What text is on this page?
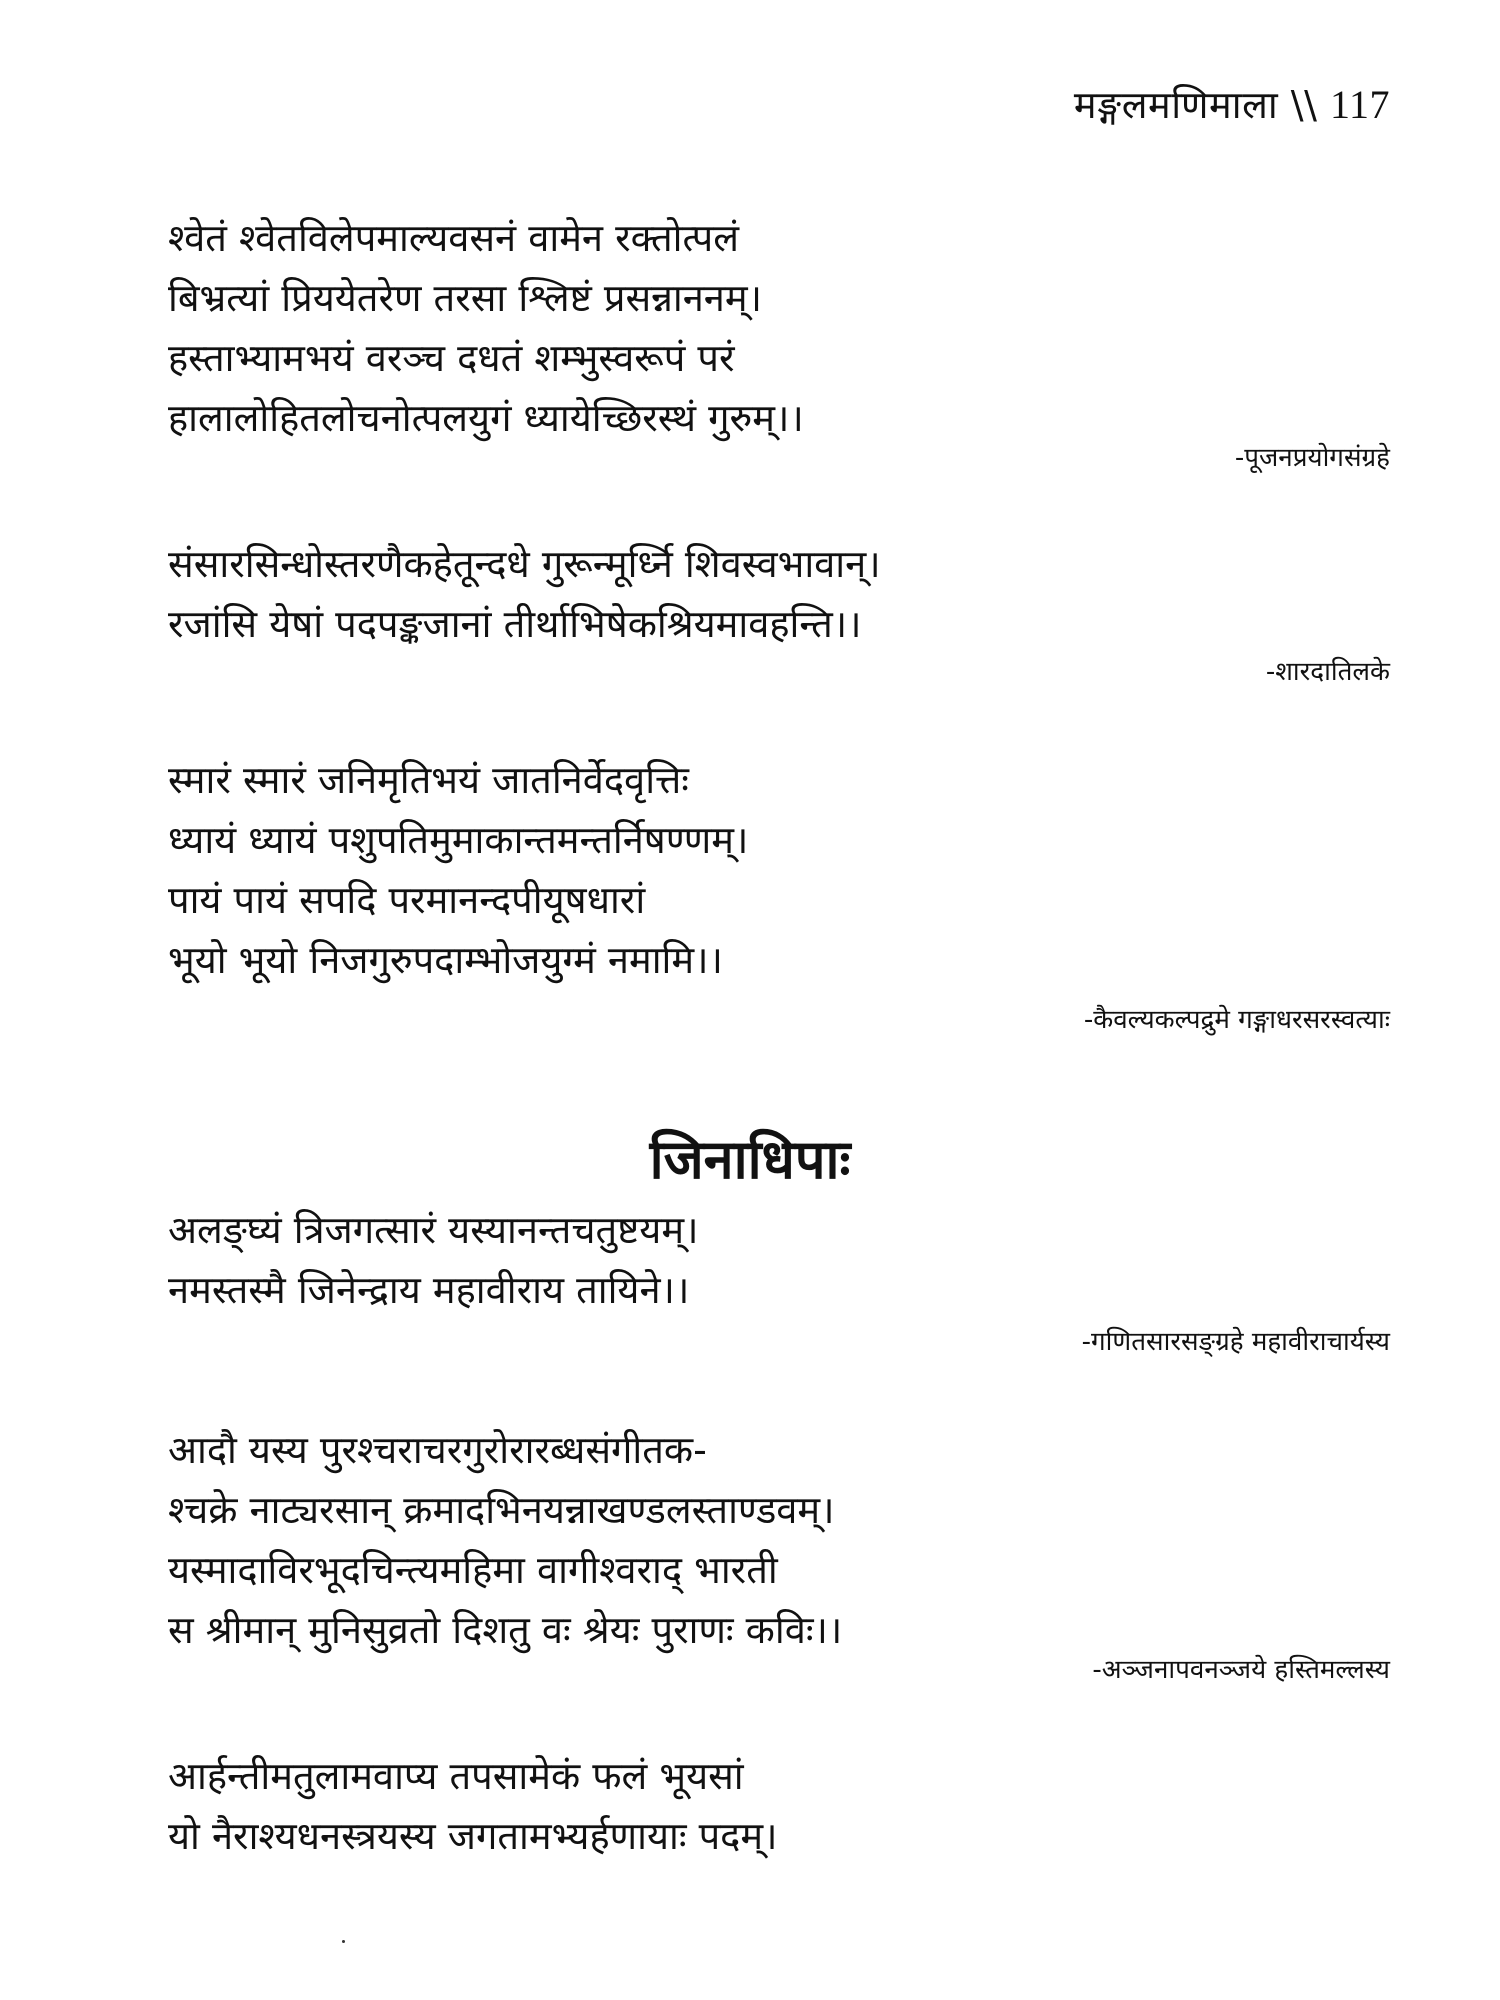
मङ्गलमणिमाला \\ 117
श्वेतं श्वेतविलेपमाल्यवसनं वामेन रक्तोत्पलं
बिभ्रत्यां प्रिययेतरेण तरसा श्लिष्टं प्रसन्नाननम्।
हस्ताभ्यामभयं वरञ्च दधतं शम्भुस्वरूपं परं
हालालोहितलोचनोत्पलयुगं ध्यायेच्छिरस्थं गुरुम्।।
-पूजनप्रयोगसंग्रहे
संसारसिन्धोस्तरणैकहेतून्दधे गुरून्मूर्ध्नि शिवस्वभावान्।
रजांसि येषां पदपङ्कजानां तीर्थाभिषेकश्रियमावहन्ति।।
-शारदातिलके
स्मारं स्मारं जनिमृतिभयं जातनिर्वेदवृत्तिः
ध्यायं ध्यायं पशुपतिमुमाकान्तमन्तर्निषण्णम्।
पायं पायं सपदि परमानन्दपीयूषधारां
भूयो भूयो निजगुरुपदाम्भोजयुग्मं नमामि।।
-कैवल्यकल्पद्रुमे गङ्गाधरसरस्वत्याः
जिनाधिपाः
अलङ्घ्यं त्रिजगत्सारं यस्यानन्तचतुष्टयम्।
नमस्तस्मै जिनेन्द्राय महावीराय तायिने।।
-गणितसारसङ्ग्रहे महावीराचार्यस्य
आदौ यस्य पुरश्चराचरगुरोरारब्धसंगीतक-
श्चक्रे नाट्यरसान् क्रमादभिनयन्नाखण्डलस्ताण्डवम्।
यस्मादाविरभूदचिन्त्यमहिमा वागीश्वराद् भारती
स श्रीमान् मुनिसुव्रतो दिशतु वः श्रेयः पुराणः कविः।।
-अञ्जनापवनञ्जये हस्तिमल्लस्य
आर्हन्तीमतुलामवाप्य तपसामेकं फलं भूयसां
यो नैराश्यधनस्त्रयस्य जगतामभ्यर्हणायाः पदम्।
